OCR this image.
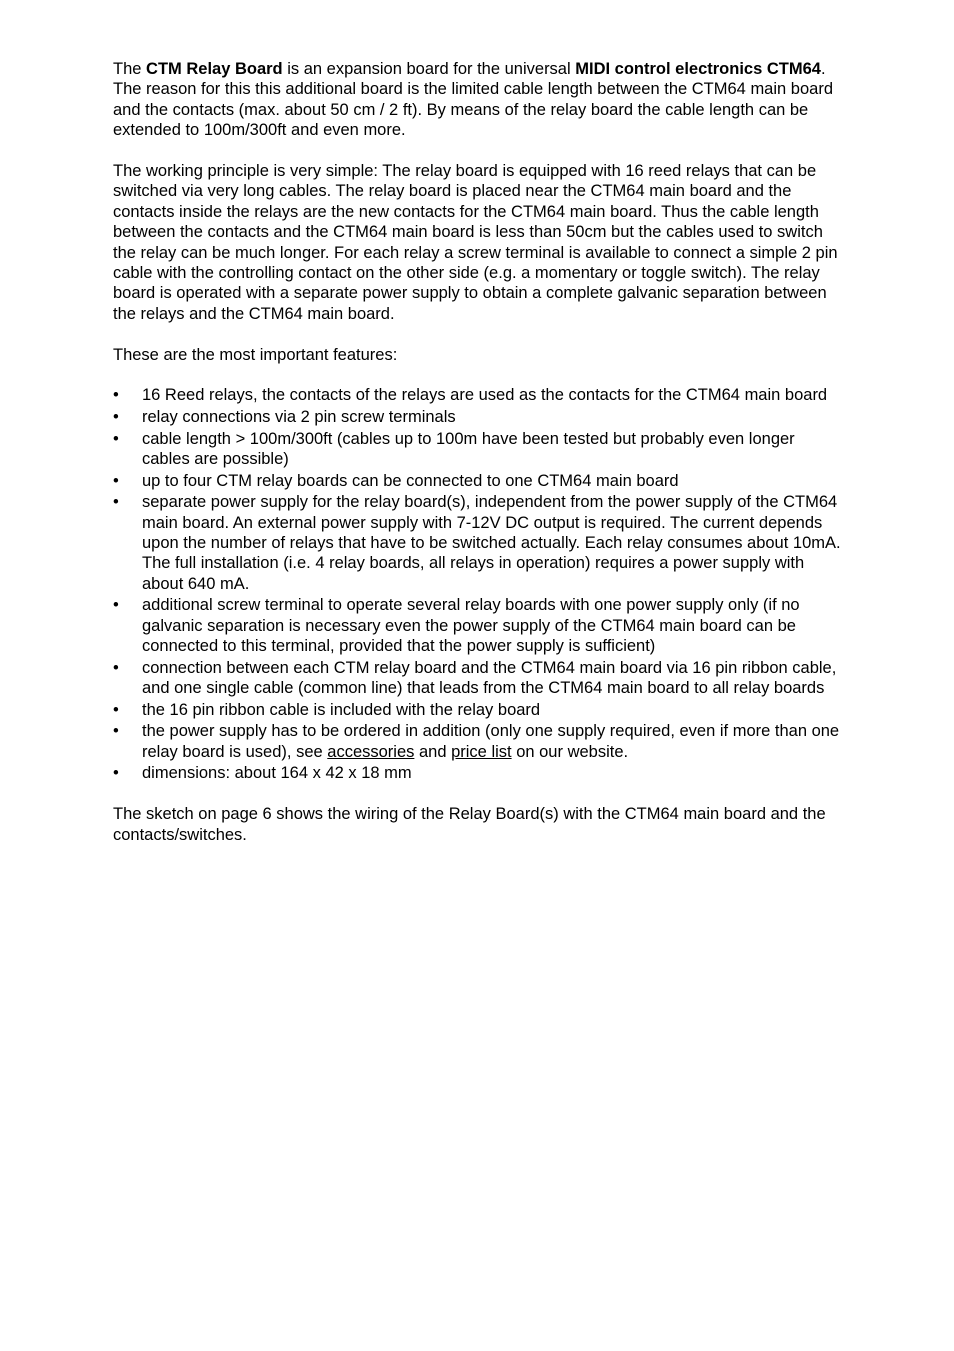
The CTM Relay Board is an expansion board for the universal MIDI control electronics CTM64. The reason for this this additional board is the limited cable length between the CTM64 main board and the contacts (max. about 50 cm / 2 ft). By means of the relay board the cable length can be extended to 100m/300ft and even more.

The working principle is very simple: The relay board is equipped with 16 reed relays that can be switched via very long cables. The relay board is placed near the CTM64 main board and the contacts inside the relays are the new contacts for the CTM64 main board. Thus the cable length between the contacts and the CTM64 main board is less than 50cm but the cables used to switch the relay can be much longer. For each relay a screw terminal is available to connect a simple 2 pin cable with the controlling contact on the other side (e.g. a momentary or toggle switch). The relay board is operated with a separate power supply to obtain a complete galvanic separation between the relays and the CTM64 main board.

These are the most important features:

•	16 Reed relays, the contacts of the relays are used as the contacts for the CTM64 main board
•	relay connections via 2 pin screw terminals
•	cable length > 100m/300ft (cables up to 100m have been tested but probably even longer cables are possible)
•	up to four CTM relay boards can be connected to one CTM64 main board
•	separate power supply for the relay board(s), independent from the power supply of the CTM64 main board. An external power supply with 7-12V DC output is required. The current depends upon the number of relays that have to be switched actually. Each relay consumes about 10mA. The full installation (i.e. 4 relay boards, all relays in operation) requires a power supply with about 640 mA.
•	additional screw terminal to operate several relay boards with one power supply only (if no galvanic separation is necessary even the power supply of the CTM64 main board can be connected to this terminal, provided that the power supply is sufficient)
•	connection between each CTM relay board and the CTM64 main board via 16 pin ribbon cable, and one single cable (common line) that leads from the CTM64 main board to all relay boards
•	the 16 pin ribbon cable is included with the relay board
•	the power supply has to be ordered in addition (only one supply required, even if more than one relay board is used), see accessories and price list on our website.
•	dimensions: about 164 x 42 x 18 mm

The sketch on page 6 shows the wiring of the Relay Board(s) with the CTM64 main board and the contacts/switches.
